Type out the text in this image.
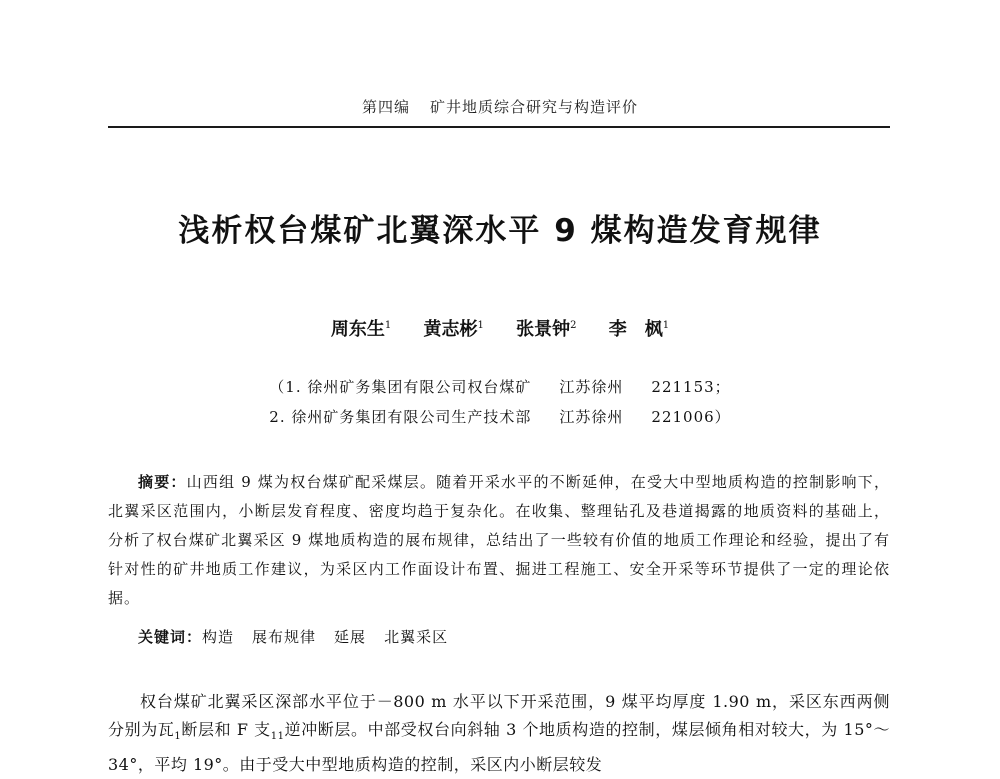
第四编 矿井地质综合研究与构造评价
浅析权台煤矿北翼深水平 9 煤构造发育规律
周东生$^1$ 黄志彬$^1$ 张景钟$^2$ 李　枫$^1$
（1. 徐州矿务集团有限公司权台煤矿 江苏徐州 221153；
2. 徐州矿务集团有限公司生产技术部 江苏徐州 221006）
摘要：山西组 9 煤为权台煤矿配采煤层。随着开采水平的不断延伸，在受大中型地质构造的控制影响下，北翼采区范围内，小断层发育程度、密度均趋于复杂化。在收集、整理钻孔及巷道揭露的地质资料的基础上，分析了权台煤矿北翼采区 9 煤地质构造的展布规律，总结出了一些较有价值的地质工作理论和经验，提出了有针对性的矿井地质工作建议，为采区内工作面设计布置、掘进工程施工、安全开采等环节提供了一定的理论依据。
关键词：构造 展布规律 延展 北翼采区
权台煤矿北翼采区深部水平位于－800 m 水平以下开采范围，9 煤平均厚度 1.90 m，采区东西两侧分别为瓦$_1$断层和 F 支$_{11}$逆冲断层。中部受权台向斜轴 3 个地质构造的控制，煤层倾角相对较大，为 15°～34°，平均 19°。由于受大中型地质构造的控制，采区内小断层较发
